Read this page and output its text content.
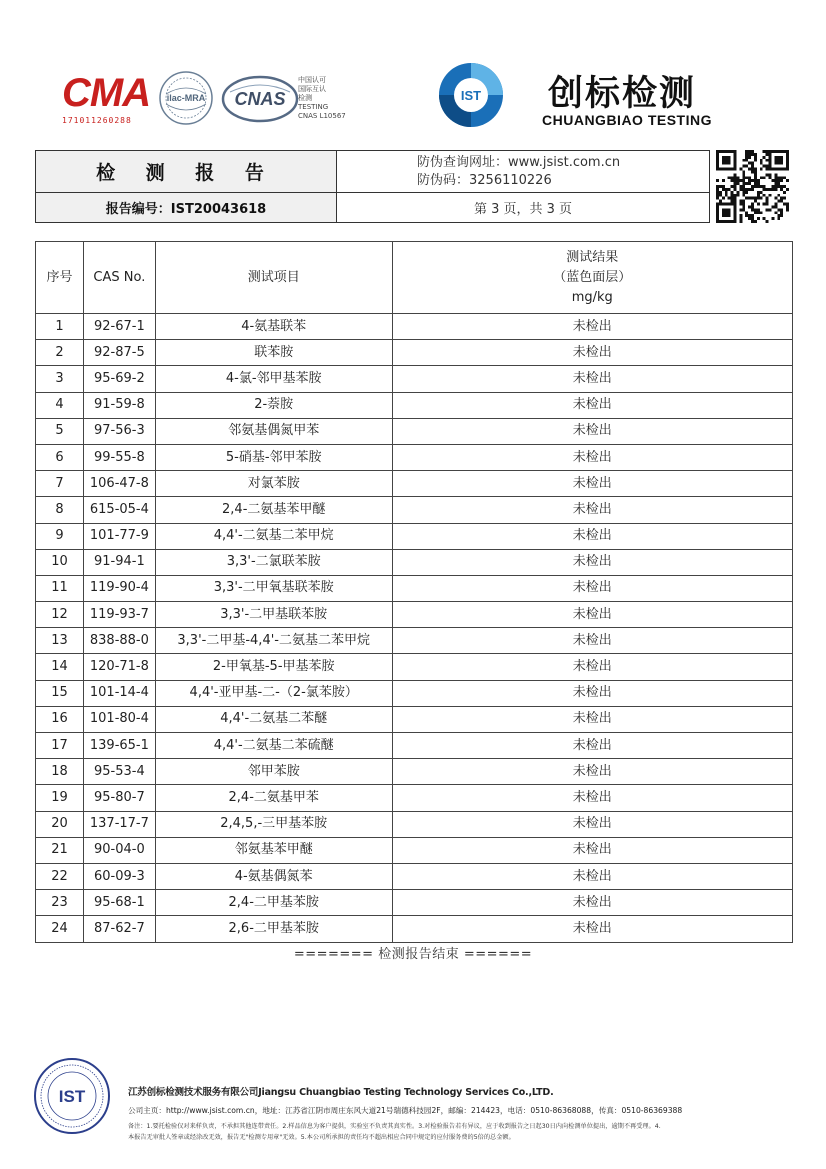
CMA
171011260288
ilac-MRA CNAS
中国认可
国际互认
检测
TESTING
CNAS L10567
IST 创标检测
CHUANGBIAO TESTING
检 测 报 告	防伪查询网址：www.jsist.com.cn
防伪码：3256110226
报告编号：IST20043618	第 3 页，共 3 页
序号	CAS No.	测试项目	测试结果
（蓝色面层）
mg/kg

1	92-67-1	4-氨基联苯	未检出
2	92-87-5	联苯胺	未检出
3	95-69-2	4-氯-邻甲基苯胺	未检出
4	91-59-8	2-萘胺	未检出
5	97-56-3	邻氨基偶氮甲苯	未检出
6	99-55-8	5-硝基-邻甲苯胺	未检出
7	106-47-8	对氯苯胺	未检出
8	615-05-4	2,4-二氨基苯甲醚	未检出
9	101-77-9	4,4'-二氨基二苯甲烷	未检出
10	91-94-1	3,3'-二氯联苯胺	未检出
11	119-90-4	3,3'-二甲氧基联苯胺	未检出
12	119-93-7	3,3'-二甲基联苯胺	未检出
13	838-88-0	3,3'-二甲基-4,4'-二氨基二苯甲烷	未检出
14	120-71-8	2-甲氧基-5-甲基苯胺	未检出
15	101-14-4	4,4'-亚甲基-二-（2-氯苯胺）	未检出
16	101-80-4	4,4'-二氨基二苯醚	未检出
17	139-65-1	4,4'-二氨基二苯硫醚	未检出
18	95-53-4	邻甲苯胺	未检出
19	95-80-7	2,4-二氨基甲苯	未检出
20	137-17-7	2,4,5,-三甲基苯胺	未检出
21	90-04-0	邻氨基苯甲醚	未检出
22	60-09-3	4-氨基偶氮苯	未检出
23	95-68-1	2,4-二甲基苯胺	未检出
24	87-62-7	2,6-二甲基苯胺	未检出
======= 检测报告结束 ======
IST	江苏创标检测技术服务有限公司Jiangsu Chuangbiao Testing Technology Services Co.,LTD.
公司主页：http://www.jsist.com.cn，地址：江苏省江阴市周庄东风大道21号瑞德科技园2F，邮编：214423，电话：0510-86368088，传真：0510-86369388
备注：1.要托检验仅对来样负责，不承担其他连带责任。2.样品信息为客户提供，实验室不负责其真实性。3.对检验报告若有异议，应于收到报告之日起30日内向检测单位提出，逾期不再受理。4.
本报告无审批人签章或经涂改无效，报告无"检测专用章"无效。5.本公司所承担的责任均不超出相应合同中规定的应付服务费的5倍的总金额。
